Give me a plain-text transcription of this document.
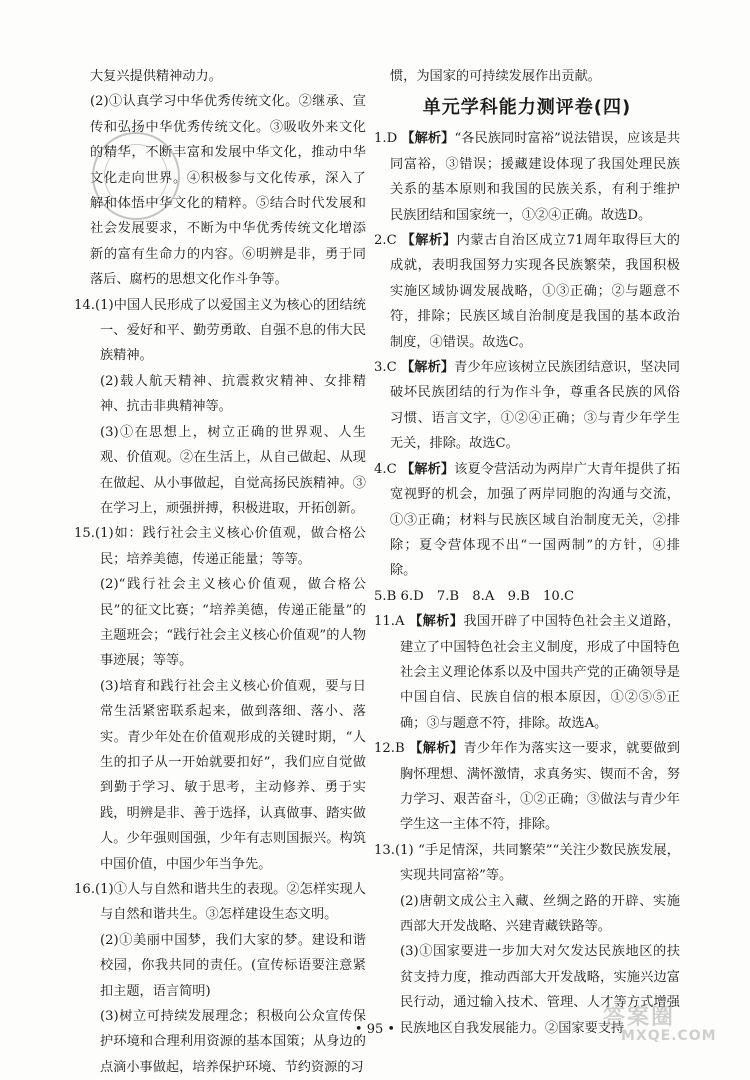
大复兴提供精神动力。

(2)①认真学习中华优秀传统文化。②继承、宣传和弘扬中华优秀传统文化。③吸收外来文化的精华，不断丰富和发展中华文化，推动中华文化走向世界。④积极参与文化传承，深入了解和体悟中华文化的精粹。⑤结合时代发展和社会发展要求，不断为中华优秀传统文化增添新的富有生命力的内容。⑥明辨是非，勇于同落后、腐朽的思想文化作斗争等。

14.(1)中国人民形成了以爱国主义为核心的团结统一、爱好和平、勤劳勇敢、自强不息的伟大民族精神。

(2)载人航天精神、抗震救灾精神、女排精神、抗击非典精神等。

(3)①在思想上，树立正确的世界观、人生观、价值观。②在生活上，从自己做起、从现在做起、从小事做起，自觉高扬民族精神。③在学习上，顽强拼搏，积极进取，开拓创新。

15.(1)如：践行社会主义核心价值观，做合格公民；培养美德，传递正能量；等等。

(2)“践行社会主义核心价值观，做合格公民”的征文比赛；“培养美德，传递正能量”的主题班会；“践行社会主义核心价值观”的人物事迹展；等等。

(3)培育和践行社会主义核心价值观，要与日常生活紧密联系起来，做到落细、落小、落实。青少年处在价值观形成的关键时期，“人生的扣子从一开始就要扣好”，我们应自觉做到勤于学习、敏于思考，主动修养、勇于实践，明辨是非、善于选择，认真做事、踏实做人。少年强则国强，少年有志则国振兴。构筑中国价值，中国少年当争先。

16.(1)①人与自然和谐共生的表现。②怎样实现人与自然和谐共生。③怎样建设生态文明。

(2)①美丽中国梦，我们大家的梦。建设和谐校园，你我共同的责任。(宣传标语要注意紧扣主题，语言简明)

(3)树立可持续发展理念；积极向公众宣传保护环境和合理利用资源的基本国策；从身边的点滴小事做起，培养保护环境、节约资源的习

惯，为国家的可持续发展作出贡献。

单元学科能力测评卷(四)

1.D 【解析】“各民族同时富裕”说法错误，应该是共同富裕，③错误；援藏建设体现了我国处理民族关系的基本原则和我国的民族关系，有利于维护民族团结和国家统一，①②④正确。故选D。

2.C 【解析】内蒙古自治区成立71周年取得巨大的成就，表明我国努力实现各民族繁荣，我国积极实施区域协调发展战略，①③正确；②与题意不符，排除；民族区域自治制度是我国的基本政治制度，④错误。故选C。

3.C 【解析】青少年应该树立民族团结意识，坚决同破坏民族团结的行为作斗争，尊重各民族的风俗习惯、语言文字，①②④正确；③与青少年学生无关，排除。故选C。

4.C 【解析】该夏令营活动为两岸广大青年提供了拓宽视野的机会，加强了两岸同胞的沟通与交流，①③正确；材料与民族区域自治制度无关，②排除；夏令营体现不出“一国两制”的方针，④排除。

5.B 6.D　7.B　8.A　9.B　10.C

11.A 【解析】我国开辟了中国特色社会主义道路，建立了中国特色社会主义制度，形成了中国特色社会主义理论体系以及中国共产党的正确领导是中国自信、民族自信的根本原因，①②⑤⑤正确；③与题意不符，排除。故选A。

12.B 【解析】青少年作为落实这一要求，就要做到胸怀理想、满怀激情，求真务实、锲而不舍，努力学习、艰苦奋斗，①②正确；③做法与青少年学生这一主体不符，排除。

13.(1) “手足情深，共同繁荣”“关注少数民族发展，实现共同富裕”等。

(2)唐朝文成公主入藏、丝绸之路的开辟、实施西部大开发战略、兴建青藏铁路等。

(3)①国家要进一步加大对欠发达民族地区的扶贫支持力度，推动西部大开发战略，实施兴边富民行动，通过输入技术、管理、人才等方式增强民族地区自我发展能力。②国家要支持

• 95 •	答案圈
MXQE.COM
